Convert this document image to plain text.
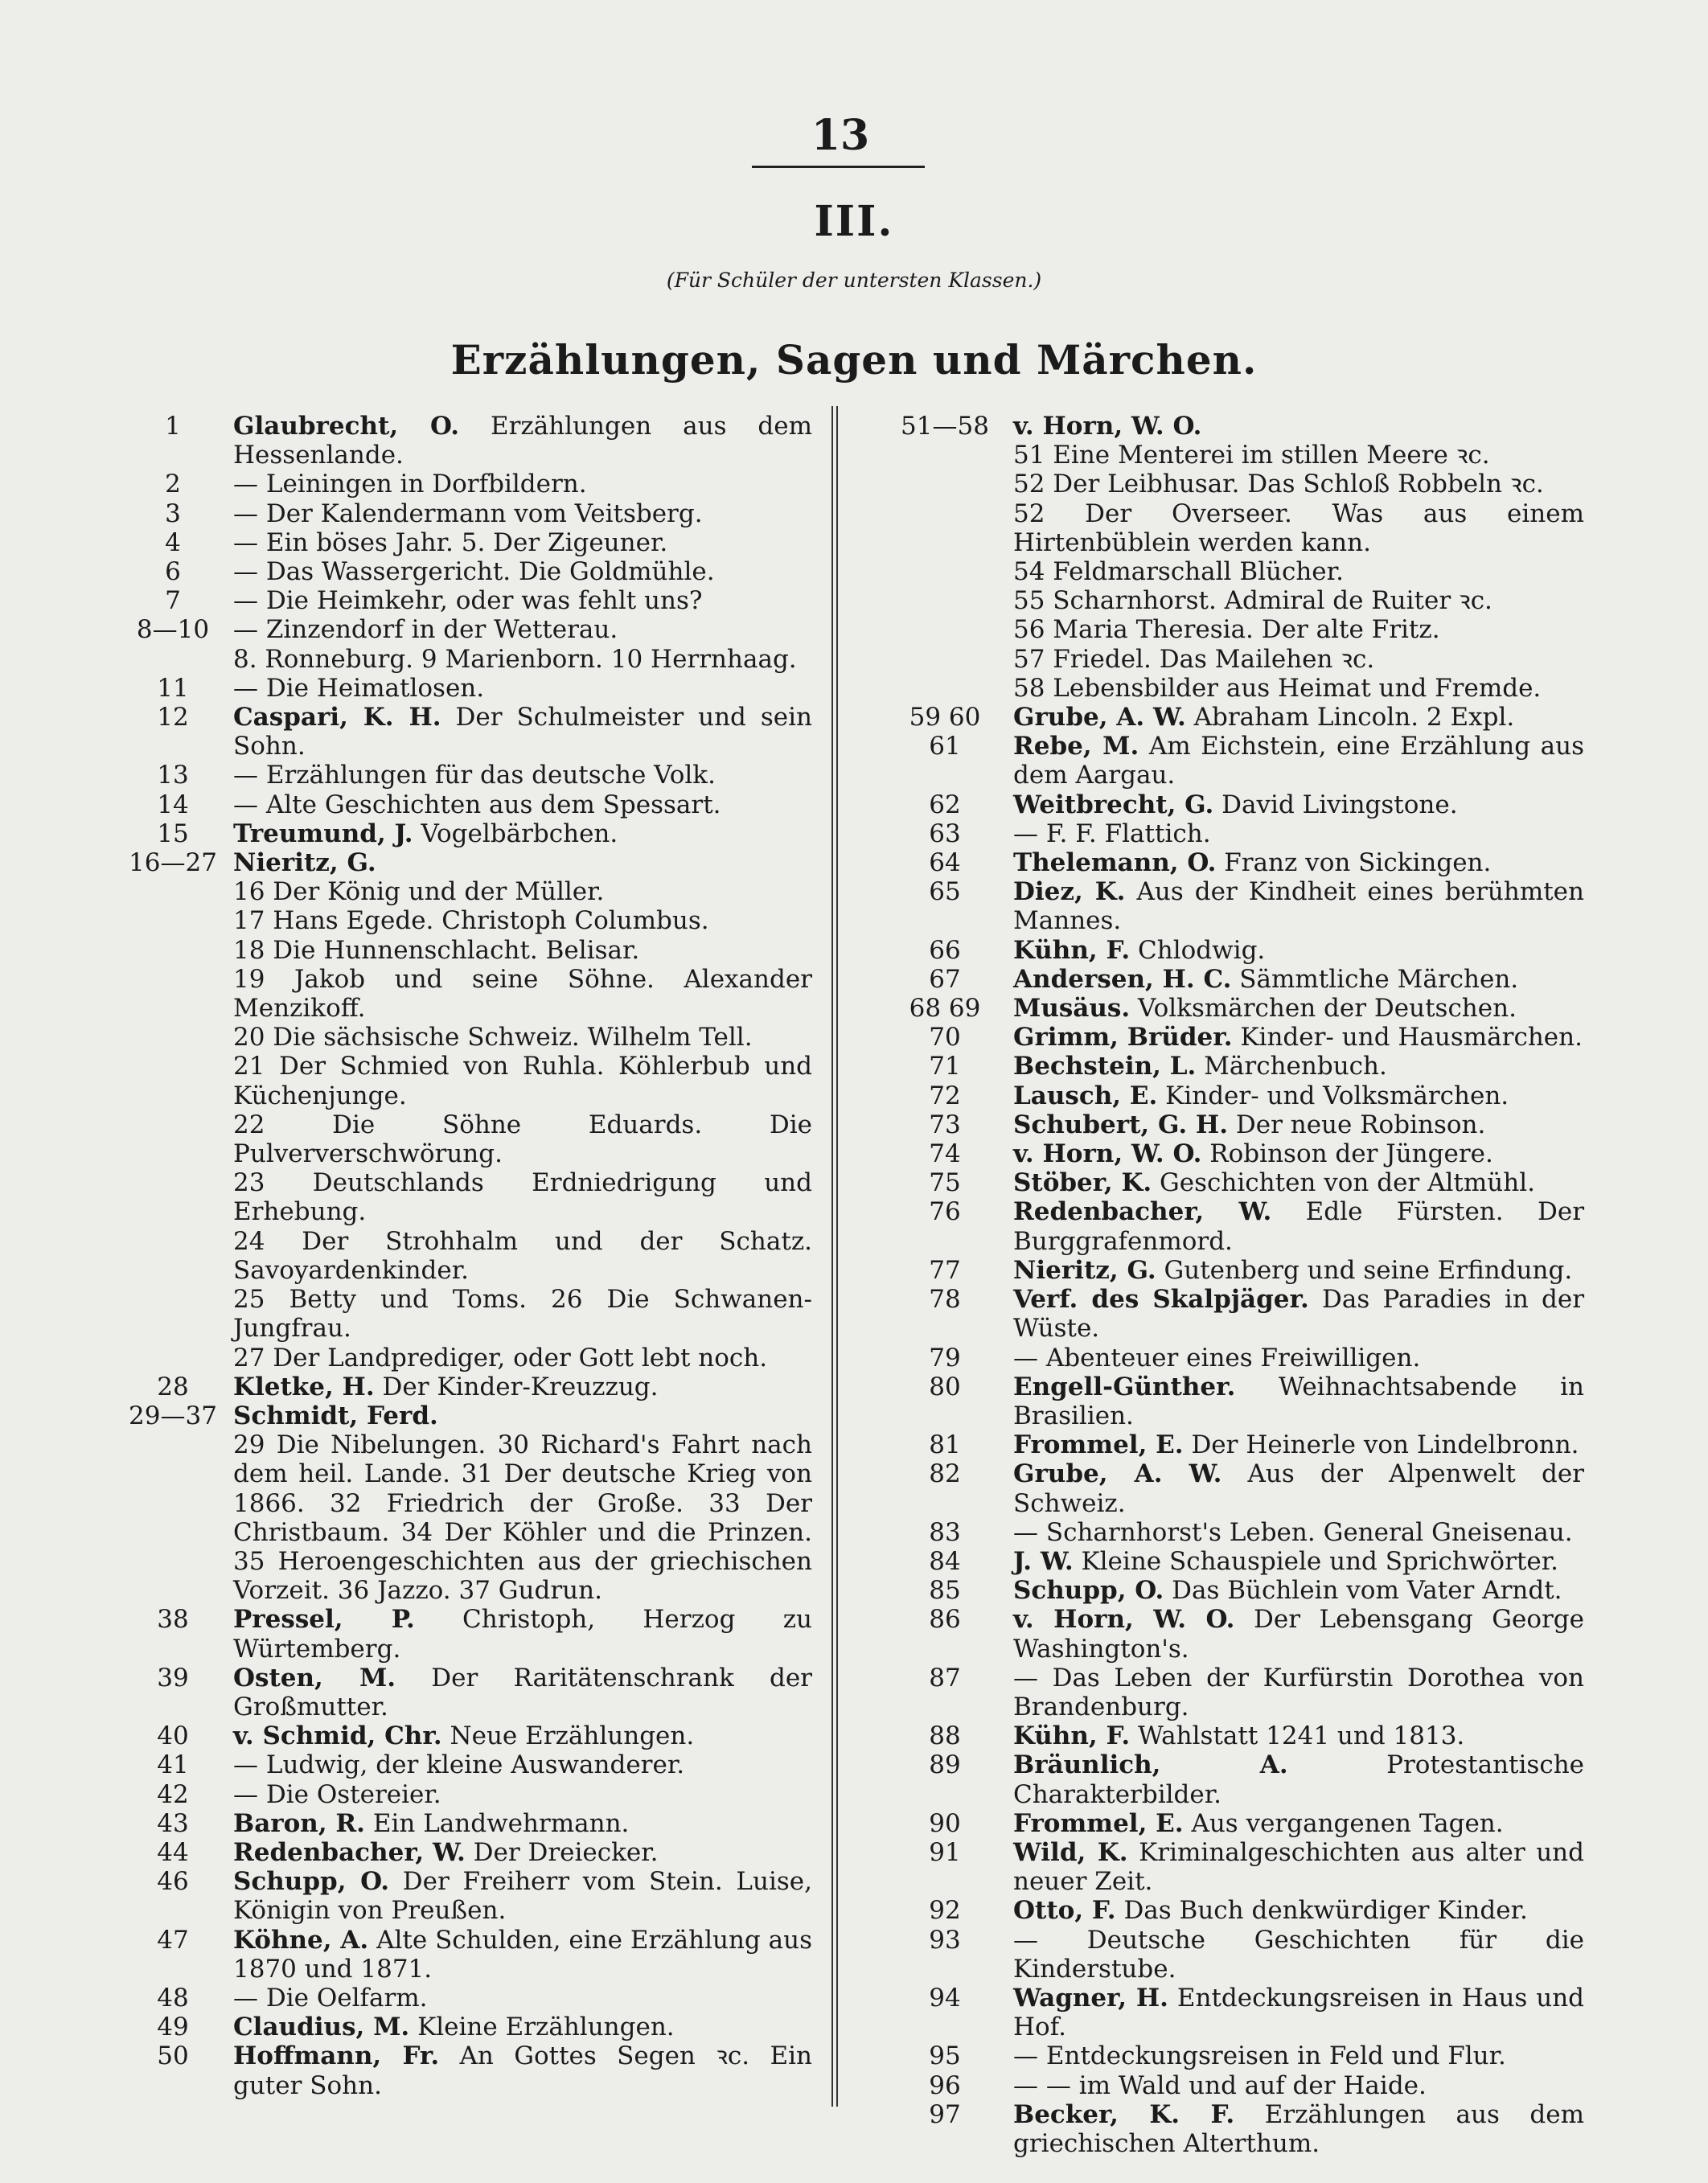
13
III.
(Für Schüler der untersten Klassen.)
Erzählungen, Sagen und Märchen.
1	Glaubrecht, O. Erzählungen aus dem Hessenlande.
2	— Leiningen in Dorfbildern.
3	— Der Kalendermann vom Veitsberg.
4	— Ein böses Jahr. 5. Der Zigeuner.
6	— Das Wassergericht. Die Goldmühle.
7	— Die Heimkehr, oder was fehlt uns?
8—10 — Zinzendorf in der Wetterau.
8. Ronneburg. 9 Marienborn. 10 Herrnhaag.
11	— Die Heimatlosen.
12	Caspari, K. H. Der Schulmeister und sein Sohn.
13	— Erzählungen für das deutsche Volk.
14	— Alte Geschichten aus dem Spessart.
15	Treumund, J. Vogelbärbchen.
16—27 Nieritz, G.
16 Der König und der Müller.
17 Hans Egede. Christoph Columbus.
18 Die Hunnenschlacht. Belisar.
19 Jakob und seine Söhne. Alexander Menzikoff.
20 Die sächsische Schweiz. Wilhelm Tell.
21 Der Schmied von Ruhla. Köhlerbub und Küchenjunge.
22 Die Söhne Eduards. Die Pulververschwörung.
23 Deutschlands Erdniedrigung und Erhebung.
24 Der Strohhalm und der Schatz. Savoyardenkinder.
25 Betty und Toms. 26 Die Schwanen-Jungfrau.
27 Der Landprediger, oder Gott lebt noch.
28	Kletke, H. Der Kinder-Kreuzzug.
29—37 Schmidt, Ferd.
29 Die Nibelungen. 30 Richard's Fahrt nach dem heil. Lande. 31 Der deutsche Krieg von 1866. 32 Friedrich der Große. 33 Der Christbaum. 34 Der Köhler und die Prinzen. 35 Heroengeschichten aus der griechischen Vorzeit. 36 Jazzo. 37 Gudrun.
38	Pressel, P. Christoph, Herzog zu Würtemberg.
39	Osten, M. Der Raritätenschrank der Großmutter.
40	v. Schmid, Chr. Neue Erzählungen.
41	— Ludwig, der kleine Auswanderer.
42	— Die Ostereier.
43	Baron, R. Ein Landwehrmann.
44	Redenbacher, W. Der Dreiecker.
46	Schupp, O. Der Freiherr vom Stein. Luise, Königin von Preußen.
47	Köhne, A. Alte Schulden, eine Erzählung aus 1870 und 1871.
48	— Die Oelfarm.
49	Claudius, M. Kleine Erzählungen.
50	Hoffmann, Fr. An Gottes Segen ꝛc. Ein guter Sohn.
51—58 v. Horn, W. O.
51 Eine Menterei im stillen Meere ꝛc.
52 Der Leibhusar. Das Schloß Robbeln ꝛc.
52 Der Overseer. Was aus einem Hirtenbüblein werden kann.
54 Feldmarschall Blücher.
55 Scharnhorst. Admiral de Ruiter ꝛc.
56 Maria Theresia. Der alte Fritz.
57 Friedel. Das Mailehen ꝛc.
58 Lebensbilder aus Heimat und Fremde.
59 60	Grube, A. W. Abraham Lincoln. 2 Expl.
61	Rebe, M. Am Eichstein, eine Erzählung aus dem Aargau.
62	Weitbrecht, G. David Livingstone.
63	— F. F. Flattich.
64	Thelemann, O. Franz von Sickingen.
65	Diez, K. Aus der Kindheit eines berühmten Mannes.
66	Kühn, F. Chlodwig.
67	Andersen, H. C. Sämmtliche Märchen.
68 69	Musäus. Volksmärchen der Deutschen.
70	Grimm, Brüder. Kinder- und Hausmärchen.
71	Bechstein, L. Märchenbuch.
72	Lausch, E. Kinder- und Volksmärchen.
73	Schubert, G. H. Der neue Robinson.
74	v. Horn, W. O. Robinson der Jüngere.
75	Stöber, K. Geschichten von der Altmühl.
76	Redenbacher, W. Edle Fürsten. Der Burggrafenmord.
77	Nieritz, G. Gutenberg und seine Erfindung.
78	Verf. des Skalpjäger. Das Paradies in der Wüste.
79	— Abenteuer eines Freiwilligen.
80	Engell-Günther. Weihnachtsabende in Brasilien.
81	Frommel, E. Der Heinerle von Lindelbronn.
82	Grube, A. W. Aus der Alpenwelt der Schweiz.
83	— Scharnhorst's Leben. General Gneisenau.
84	J. W. Kleine Schauspiele und Sprichwörter.
85	Schupp, O. Das Büchlein vom Vater Arndt.
86	v. Horn, W. O. Der Lebensgang George Washington's.
87	— Das Leben der Kurfürstin Dorothea von Brandenburg.
88	Kühn, F. Wahlstatt 1241 und 1813.
89	Bräunlich, A. Protestantische Charakterbilder.
90	Frommel, E. Aus vergangenen Tagen.
91	Wild, K. Kriminalgeschichten aus alter und neuer Zeit.
92	Otto, F. Das Buch denkwürdiger Kinder.
93	— Deutsche Geschichten für die Kinderstube.
94	Wagner, H. Entdeckungsreisen in Haus und Hof.
95	— Entdeckungsreisen in Feld und Flur.
96	— — im Wald und auf der Haide.
97	Becker, K. F. Erzählungen aus dem griechischen Alterthum.
